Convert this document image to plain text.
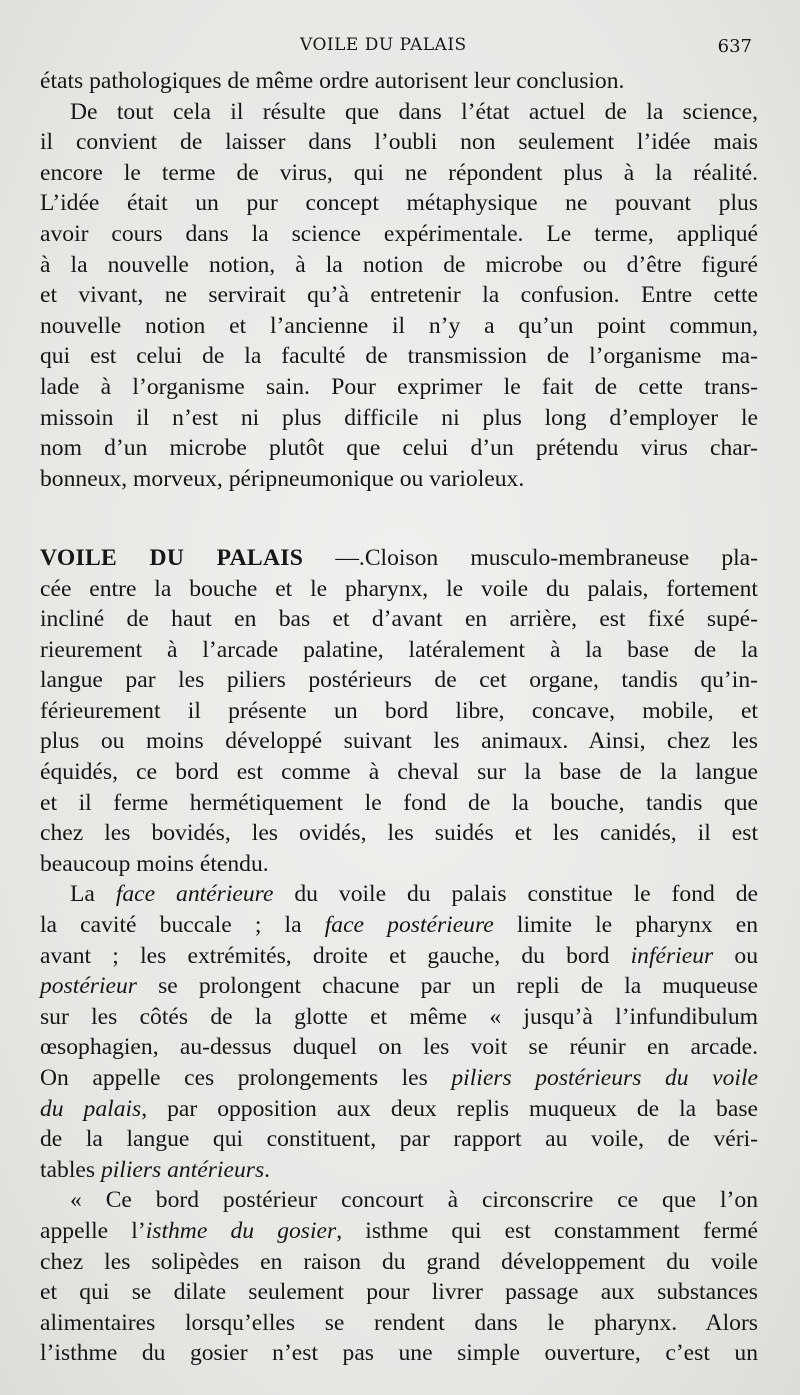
VOILE DU PALAIS	637
états pathologiques de même ordre autorisent leur conclusion.
De tout cela il résulte que dans l’état actuel de la science,
il convient de laisser dans l’oubli non seulement l’idée mais
encore le terme de virus, qui ne répondent plus à la réalité.
L’idée était un pur concept métaphysique ne pouvant plus
avoir cours dans la science expérimentale. Le terme, appliqué
à la nouvelle notion, à la notion de microbe ou d’être figuré
et vivant, ne servirait qu’à entretenir la confusion. Entre cette
nouvelle notion et l’ancienne il n’y a qu’un point commun,
qui est celui de la faculté de transmission de l’organisme ma-
lade à l’organisme sain. Pour exprimer le fait de cette trans-
missoin il n’est ni plus difficile ni plus long d’employer le
nom d’un microbe plutôt que celui d’un prétendu virus char-
bonneux, morveux, péripneumonique ou varioleux.
VOILE DU PALAIS —.Cloison musculo-membraneuse pla-
cée entre la bouche et le pharynx, le voile du palais, fortement
incliné de haut en bas et d’avant en arrière, est fixé supé-
rieurement à l’arcade palatine, latéralement à la base de la
langue par les piliers postérieurs de cet organe, tandis qu’in-
férieurement il présente un bord libre, concave, mobile, et
plus ou moins développé suivant les animaux. Ainsi, chez les
équidés, ce bord est comme à cheval sur la base de la langue
et il ferme hermétiquement le fond de la bouche, tandis que
chez les bovidés, les ovidés, les suidés et les canidés, il est
beaucoup moins étendu.
La face antérieure du voile du palais constitue le fond de
la cavité buccale ; la face postérieure limite le pharynx en
avant ; les extrémités, droite et gauche, du bord inférieur ou
postérieur se prolongent chacune par un repli de la muqueuse
sur les côtés de la glotte et même « jusqu’à l’infundibulum
œsophagien, au-dessus duquel on les voit se réunir en arcade.
On appelle ces prolongements les piliers postérieurs du voile
du palais, par opposition aux deux replis muqueux de la base
de la langue qui constituent, par rapport au voile, de véri-
tables piliers antérieurs.
« Ce bord postérieur concourt à circonscrire ce que l’on
appelle l’isthme du gosier, isthme qui est constamment fermé
chez les solipèdes en raison du grand développement du voile
et qui se dilate seulement pour livrer passage aux substances
alimentaires lorsqu’elles se rendent dans le pharynx. Alors
l’isthme du gosier n’est pas une simple ouverture, c’est un
